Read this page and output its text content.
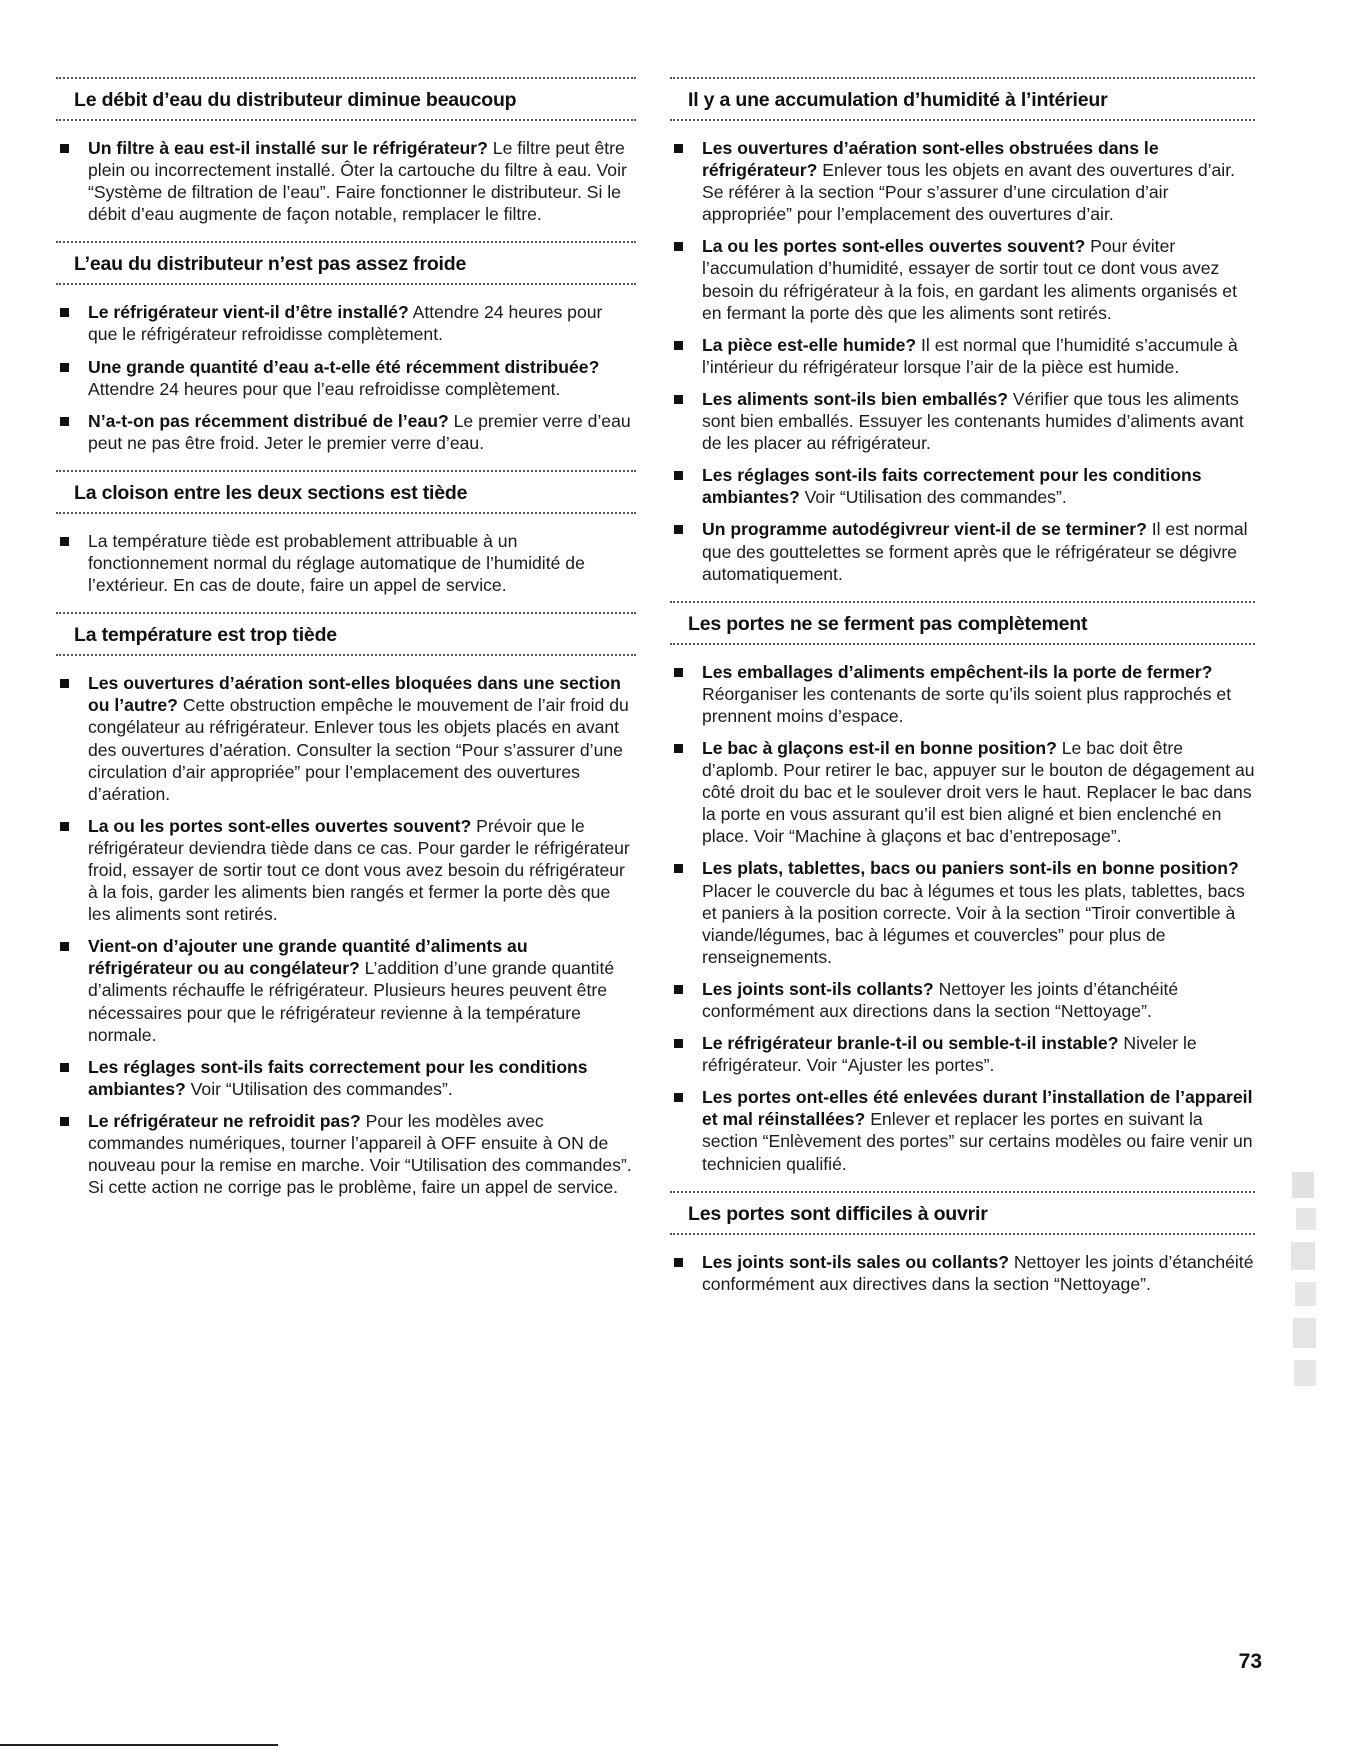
Le débit d’eau du distributeur diminue beaucoup
Un filtre à eau est-il installé sur le réfrigérateur? Le filtre peut être plein ou incorrectement installé. Ôter la cartouche du filtre à eau. Voir “Système de filtration de l’eau”. Faire fonctionner le distributeur. Si le débit d’eau augmente de façon notable, remplacer le filtre.
L’eau du distributeur n’est pas assez froide
Le réfrigérateur vient-il d’être installé? Attendre 24 heures pour que le réfrigérateur refroidisse complètement.
Une grande quantité d’eau a-t-elle été récemment distribuée? Attendre 24 heures pour que l’eau refroidisse complètement.
N’a-t-on pas récemment distribué de l’eau? Le premier verre d’eau peut ne pas être froid. Jeter le premier verre d’eau.
La cloison entre les deux sections est tiède
La température tiède est probablement attribuable à un fonctionnement normal du réglage automatique de l’humidité de l’extérieur. En cas de doute, faire un appel de service.
La température est trop tiède
Les ouvertures d’aération sont-elles bloquées dans une section ou l’autre? Cette obstruction empêche le mouvement de l’air froid du congélateur au réfrigérateur. Enlever tous les objets placés en avant des ouvertures d’aération. Consulter la section “Pour s’assurer d’une circulation d’air appropriée” pour l’emplacement des ouvertures d’aération.
La ou les portes sont-elles ouvertes souvent? Prévoir que le réfrigérateur deviendra tiède dans ce cas. Pour garder le réfrigérateur froid, essayer de sortir tout ce dont vous avez besoin du réfrigérateur à la fois, garder les aliments bien rangés et fermer la porte dès que les aliments sont retirés.
Vient-on d’ajouter une grande quantité d’aliments au réfrigérateur ou au congélateur? L’addition d’une grande quantité d’aliments réchauffe le réfrigérateur. Plusieurs heures peuvent être nécessaires pour que le réfrigérateur revienne à la température normale.
Les réglages sont-ils faits correctement pour les conditions ambiantes? Voir “Utilisation des commandes”.
Le réfrigérateur ne refroidit pas? Pour les modèles avec commandes numériques, tourner l’appareil à OFF ensuite à ON de nouveau pour la remise en marche. Voir “Utilisation des commandes”. Si cette action ne corrige pas le problème, faire un appel de service.
Il y a une accumulation d’humidité à l’intérieur
Les ouvertures d’aération sont-elles obstruées dans le réfrigérateur? Enlever tous les objets en avant des ouvertures d’air. Se référer à la section “Pour s’assurer d’une circulation d’air appropriée” pour l’emplacement des ouvertures d’air.
La ou les portes sont-elles ouvertes souvent? Pour éviter l’accumulation d’humidité, essayer de sortir tout ce dont vous avez besoin du réfrigérateur à la fois, en gardant les aliments organisés et en fermant la porte dès que les aliments sont retirés.
La pièce est-elle humide? Il est normal que l’humidité s’accumule à l’intérieur du réfrigérateur lorsque l’air de la pièce est humide.
Les aliments sont-ils bien emballés? Vérifier que tous les aliments sont bien emballés. Essuyer les contenants humides d’aliments avant de les placer au réfrigérateur.
Les réglages sont-ils faits correctement pour les conditions ambiantes? Voir “Utilisation des commandes”.
Un programme autodégivreur vient-il de se terminer? Il est normal que des gouttelettes se forment après que le réfrigérateur se dégivre automatiquement.
Les portes ne se ferment pas complètement
Les emballages d’aliments empêchent-ils la porte de fermer? Réorganiser les contenants de sorte qu’ils soient plus rapprochés et prennent moins d’espace.
Le bac à glaçons est-il en bonne position? Le bac doit être d’aplomb. Pour retirer le bac, appuyer sur le bouton de dégagement au côté droit du bac et le soulever droit vers le haut. Replacer le bac dans la porte en vous assurant qu’il est bien aligné et bien enclenché en place. Voir “Machine à glaçons et bac d’entreposage”.
Les plats, tablettes, bacs ou paniers sont-ils en bonne position? Placer le couvercle du bac à légumes et tous les plats, tablettes, bacs et paniers à la position correcte. Voir à la section “Tiroir convertible à viande/légumes, bac à légumes et couvercles” pour plus de renseignements.
Les joints sont-ils collants? Nettoyer les joints d’étanchéité conformément aux directions dans la section “Nettoyage”.
Le réfrigérateur branle-t-il ou semble-t-il instable? Niveler le réfrigérateur. Voir “Ajuster les portes”.
Les portes ont-elles été enlevées durant l’installation de l’appareil et mal réinstallées? Enlever et replacer les portes en suivant la section “Enlèvement des portes” sur certains modèles ou faire venir un technicien qualifié.
Les portes sont difficiles à ouvrir
Les joints sont-ils sales ou collants? Nettoyer les joints d’étanchéité conformément aux directives dans la section “Nettoyage”.
73
